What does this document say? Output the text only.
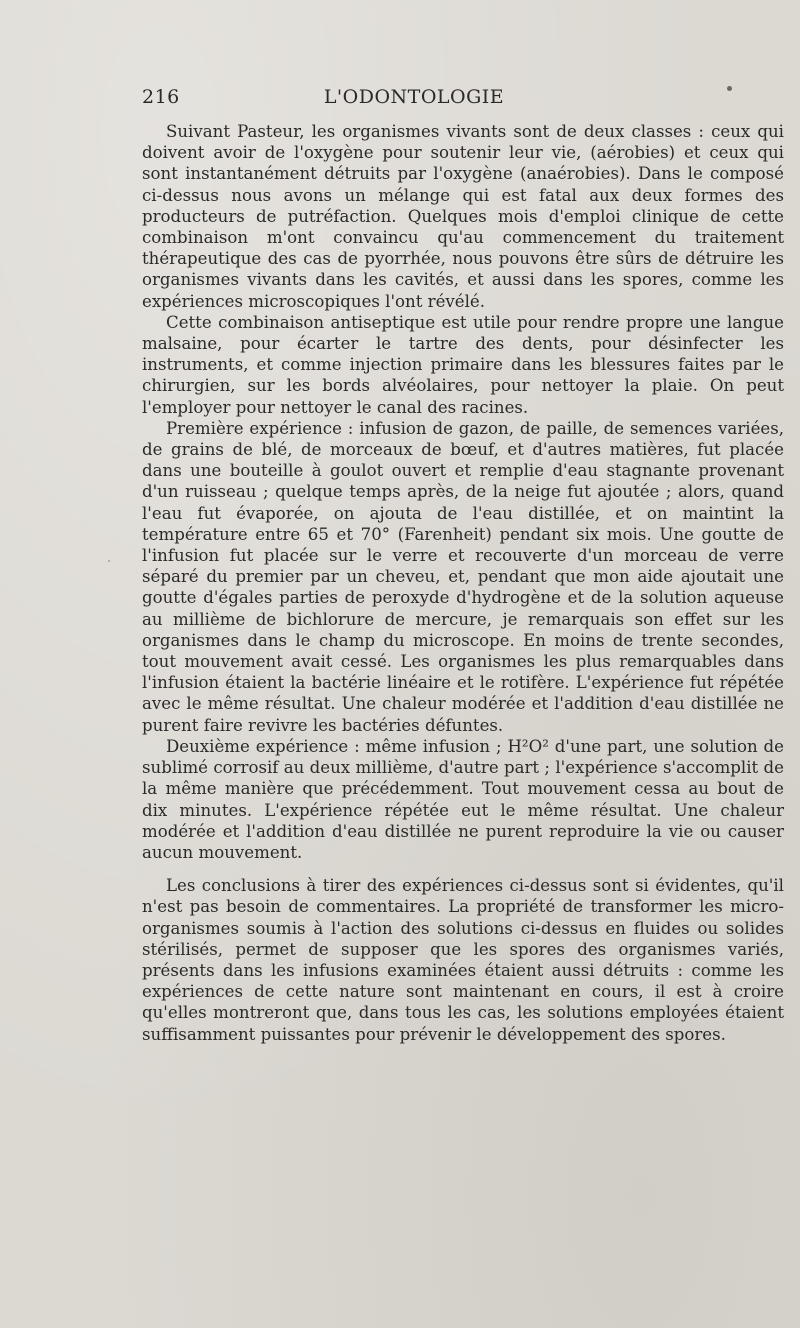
216	L'ODONTOLOGIE

Suivant Pasteur, les organismes vivants sont de deux classes : ceux qui doivent avoir de l'oxygène pour soutenir leur vie, (aérobies) et ceux qui sont instantanément détruits par l'oxygène (anaérobies). Dans le composé ci-dessus nous avons un mélange qui est fatal aux deux formes des producteurs de putréfaction. Quelques mois d'emploi clinique de cette combinaison m'ont convaincu qu'au commencement du traitement thérapeutique des cas de pyorrhée, nous pouvons être sûrs de détruire les organismes vivants dans les cavités, et aussi dans les spores, comme les expériences microscopiques l'ont révélé.

Cette combinaison antiseptique est utile pour rendre propre une langue malsaine, pour écarter le tartre des dents, pour désinfecter les instruments, et comme injection primaire dans les blessures faites par le chirurgien, sur les bords alvéolaires, pour nettoyer la plaie. On peut l'employer pour nettoyer le canal des racines.

Première expérience : infusion de gazon, de paille, de semences variées, de grains de blé, de morceaux de bœuf, et d'autres matières, fut placée dans une bouteille à goulot ouvert et remplie d'eau stagnante provenant d'un ruisseau ; quelque temps après, de la neige fut ajoutée ; alors, quand l'eau fut évaporée, on ajouta de l'eau distillée, et on maintint la température entre 65 et 70° (Farenheit) pendant six mois. Une goutte de l'infusion fut placée sur le verre et recouverte d'un morceau de verre séparé du premier par un cheveu, et, pendant que mon aide ajoutait une goutte d'égales parties de peroxyde d'hydrogène et de la solution aqueuse au millième de bichlorure de mercure, je remarquais son effet sur les organismes dans le champ du microscope. En moins de trente secondes, tout mouvement avait cessé. Les organismes les plus remarquables dans l'infusion étaient la bactérie linéaire et le rotifère. L'expérience fut répétée avec le même résultat. Une chaleur modérée et l'addition d'eau distillée ne purent faire revivre les bactéries défuntes.

Deuxième expérience : même infusion ; H²O² d'une part, une solution de sublimé corrosif au deux millième, d'autre part ; l'expérience s'accomplit de la même manière que précédemment. Tout mouvement cessa au bout de dix minutes. L'expérience répétée eut le même résultat. Une chaleur modérée et l'addition d'eau distillée ne purent reproduire la vie ou causer aucun mouvement.

Les conclusions à tirer des expériences ci-dessus sont si évidentes, qu'il n'est pas besoin de commentaires. La propriété de transformer les micro-organismes soumis à l'action des solutions ci-dessus en fluides ou solides stérilisés, permet de supposer que les spores des organismes variés, présents dans les infusions examinées étaient aussi détruits : comme les expériences de cette nature sont maintenant en cours, il est à croire qu'elles montreront que, dans tous les cas, les solutions employées étaient suffisamment puissantes pour prévenir le développement des spores.
